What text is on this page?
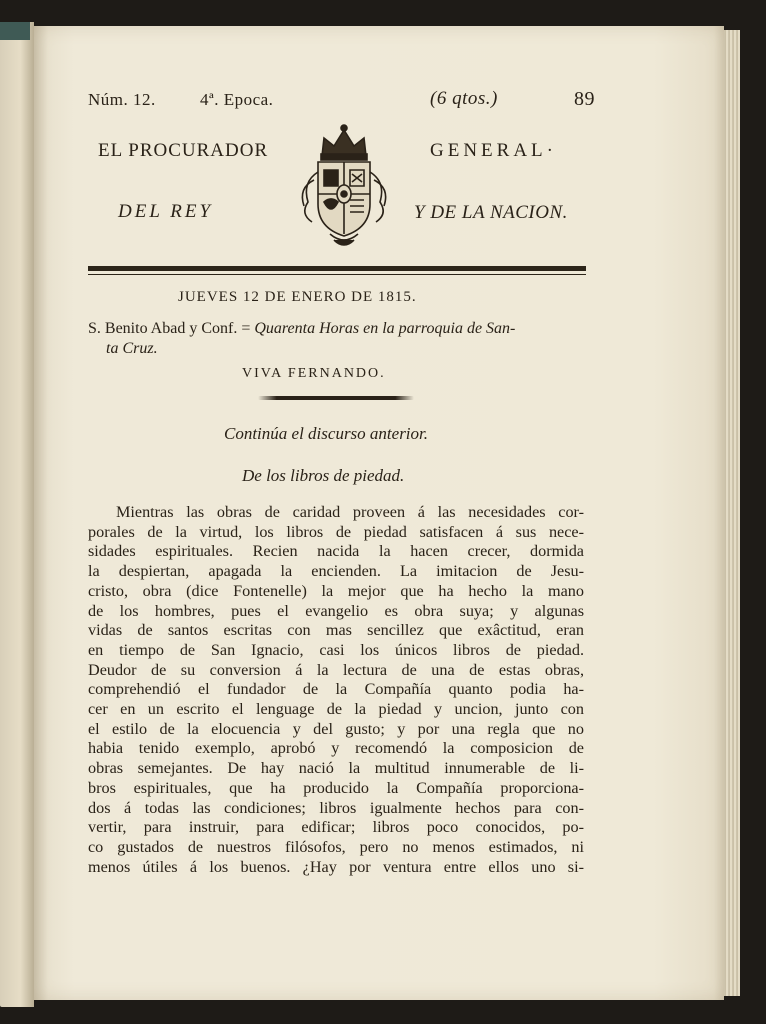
Núm. 12.	4ª. Epoca.	(6 qtos.)	89
EL PROCURADOR	GENERAL·
DEL REY	Y DE LA NACION.
JUEVES 12 DE ENERO DE 1815.
S. Benito Abad y Conf. = Quarenta Horas en la parroquia de San-
ta Cruz.
VIVA FERNANDO.
Continúa el discurso anterior.
De los libros de piedad.
Mientras las obras de caridad proveen á las necesidades cor-
porales de la virtud, los libros de piedad satisfacen á sus nece-
sidades espirituales. Recien nacida la hacen crecer, dormida
la despiertan, apagada la encienden. La imitacion de Jesu-
cristo, obra (dice Fontenelle) la mejor que ha hecho la mano
de los hombres, pues el evangelio es obra suya; y algunas
vidas de santos escritas con mas sencillez que exâctitud, eran
en tiempo de San Ignacio, casi los únicos libros de piedad.
Deudor de su conversion á la lectura de una de estas obras,
comprehendió el fundador de la Compañía quanto podia ha-
cer en un escrito el lenguage de la piedad y uncion, junto con
el estilo de la elocuencia y del gusto; y por una regla que no
habia tenido exemplo, aprobó y recomendó la composicion de
obras semejantes. De hay nació la multitud innumerable de li-
bros espirituales, que ha producido la Compañía proporciona-
dos á todas las condiciones; libros igualmente hechos para con-
vertir, para instruir, para edificar; libros poco conocidos, po-
co gustados de nuestros filósofos, pero no menos estimados, ni
menos útiles á los buenos. ¿Hay por ventura entre ellos uno si-
